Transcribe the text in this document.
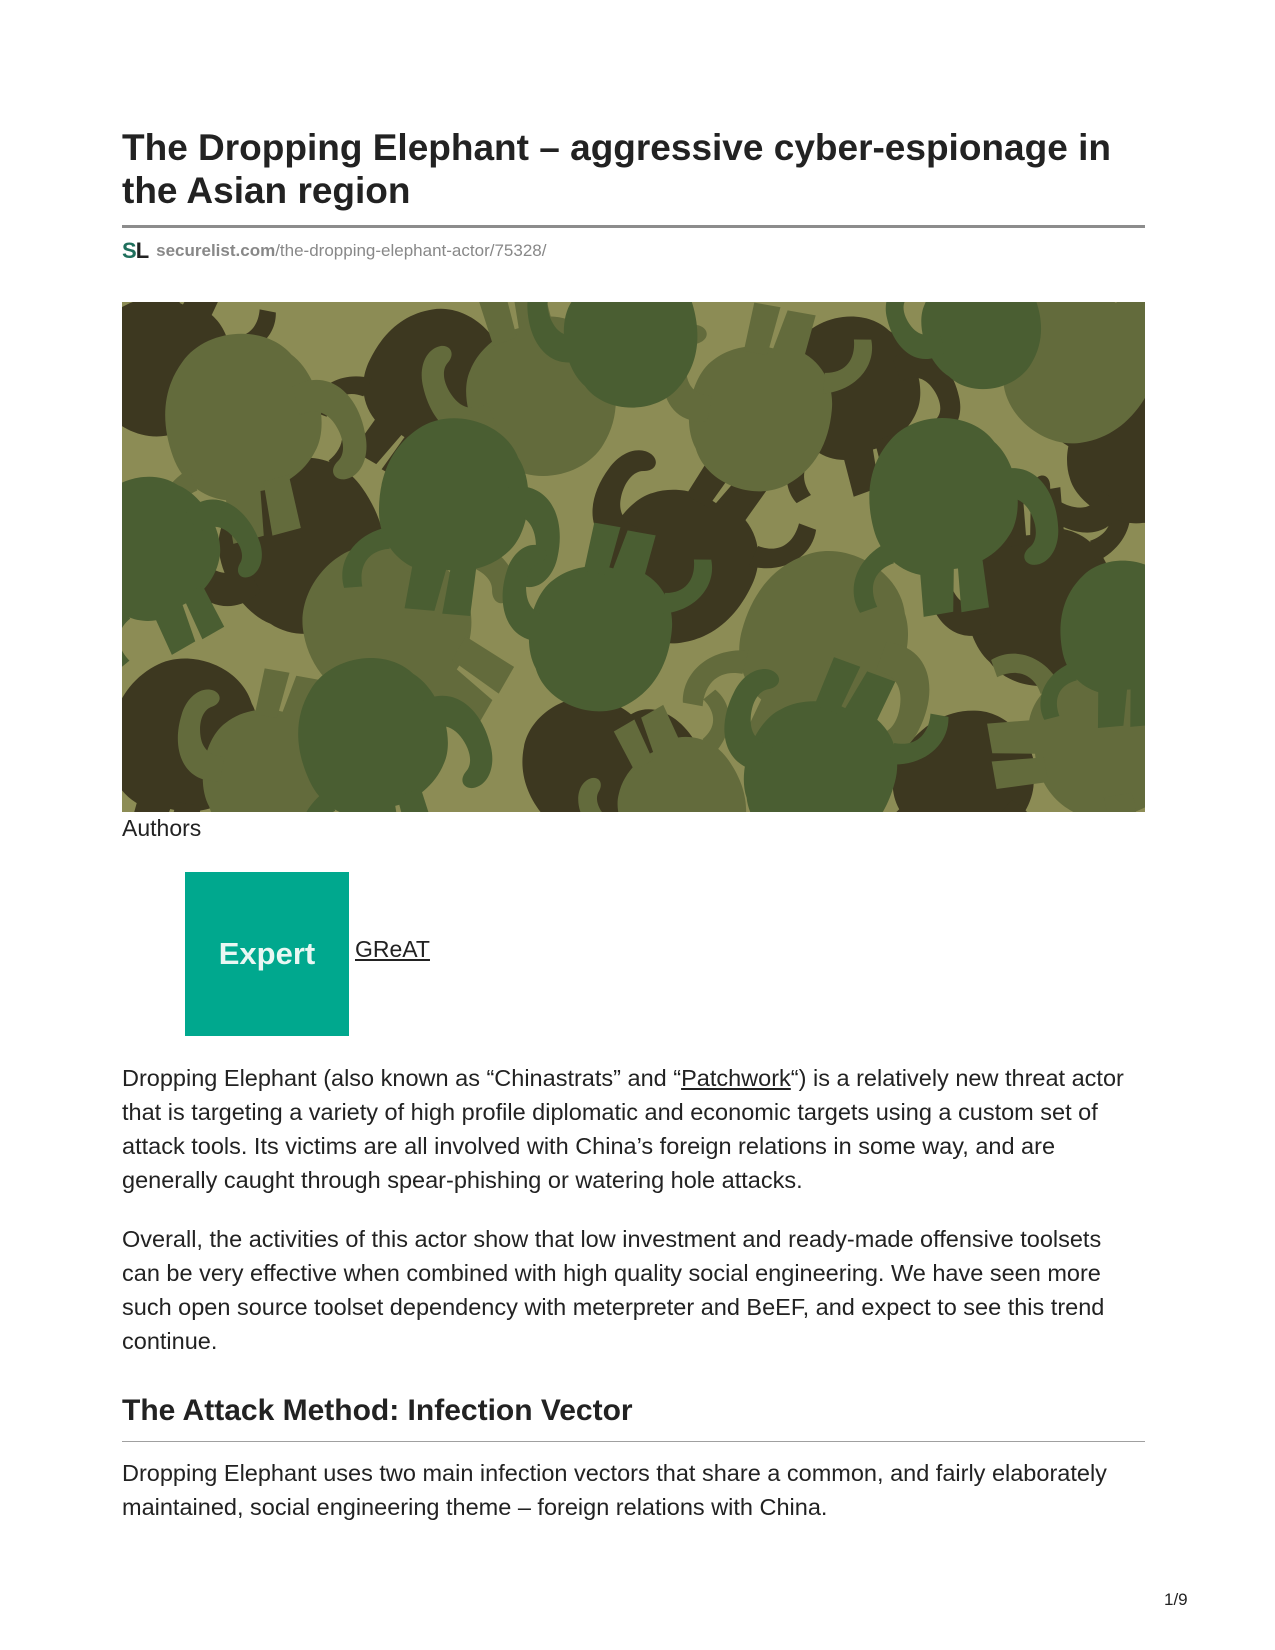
The Dropping Elephant – aggressive cyber-espionage in the Asian region
SL securelist.com /the-dropping-elephant-actor/75328/
Authors
Expert	GReAT

Dropping Elephant (also known as “Chinastrats” and “Patchwork“) is a relatively new threat actor that is targeting a variety of high profile diplomatic and economic targets using a custom set of attack tools. Its victims are all involved with China’s foreign relations in some way, and are generally caught through spear-phishing or watering hole attacks.

Overall, the activities of this actor show that low investment and ready-made offensive toolsets can be very effective when combined with high quality social engineering. We have seen more such open source toolset dependency with meterpreter and BeEF, and expect to see this trend continue.

The Attack Method: Infection Vector

Dropping Elephant uses two main infection vectors that share a common, and fairly elaborately maintained, social engineering theme – foreign relations with China.

1/9
